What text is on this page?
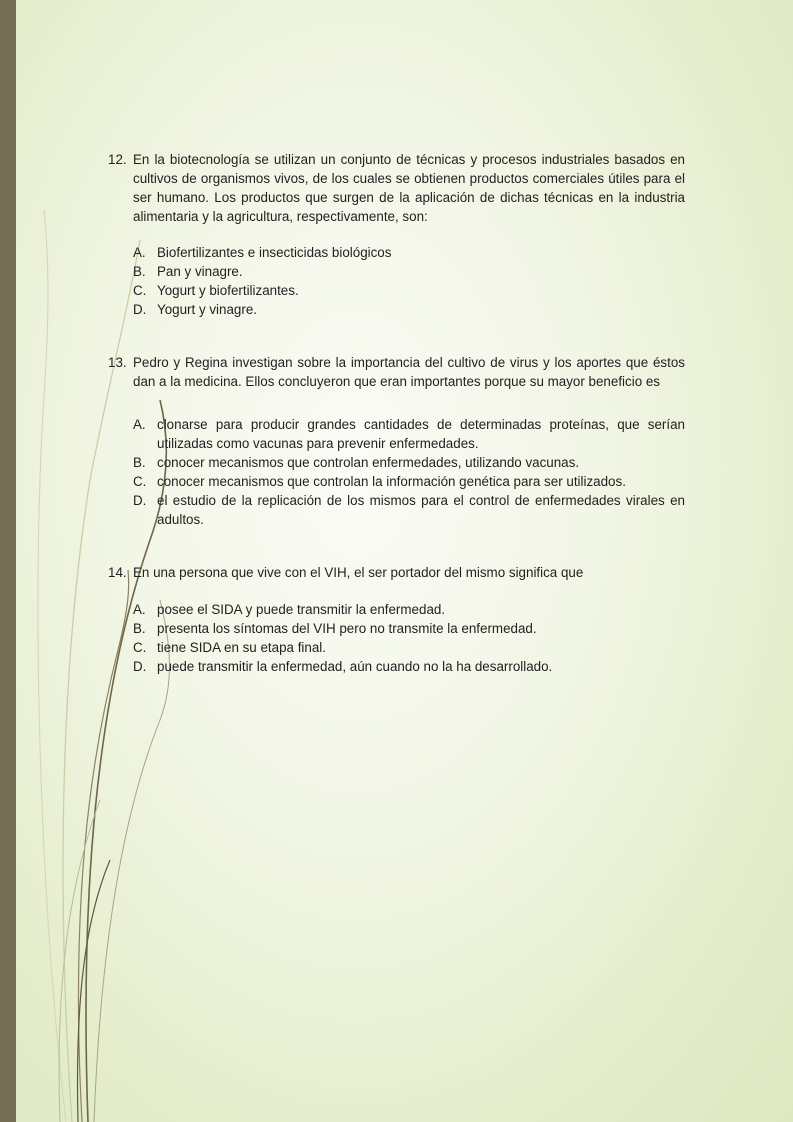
12. En la biotecnología se utilizan un conjunto de técnicas y procesos industriales basados en cultivos de organismos vivos, de los cuales se obtienen productos comerciales útiles para el ser humano. Los productos que surgen de la aplicación de dichas técnicas en la industria alimentaria y la agricultura, respectivamente, son:

A. Biofertilizantes e insecticidas biológicos
B. Pan y vinagre.
C. Yogurt y biofertilizantes.
D. Yogurt y vinagre.
13. Pedro y Regina investigan sobre la importancia del cultivo de virus y los aportes que éstos dan a la medicina. Ellos concluyeron que eran importantes porque su mayor beneficio es

A. clonarse para producir grandes cantidades de determinadas proteínas, que serían utilizadas como vacunas para prevenir enfermedades.
B. conocer mecanismos que controlan enfermedades, utilizando vacunas.
C. conocer mecanismos que controlan la información genética para ser utilizados.
D. el estudio de la replicación de los mismos para el control de enfermedades virales en adultos.
14. En una persona que vive con el VIH, el ser portador del mismo significa que

A. posee el SIDA y puede transmitir la enfermedad.
B. presenta los síntomas del VIH pero no transmite la enfermedad.
C. tiene SIDA en su etapa final.
D. puede transmitir la enfermedad, aún cuando no la ha desarrollado.
